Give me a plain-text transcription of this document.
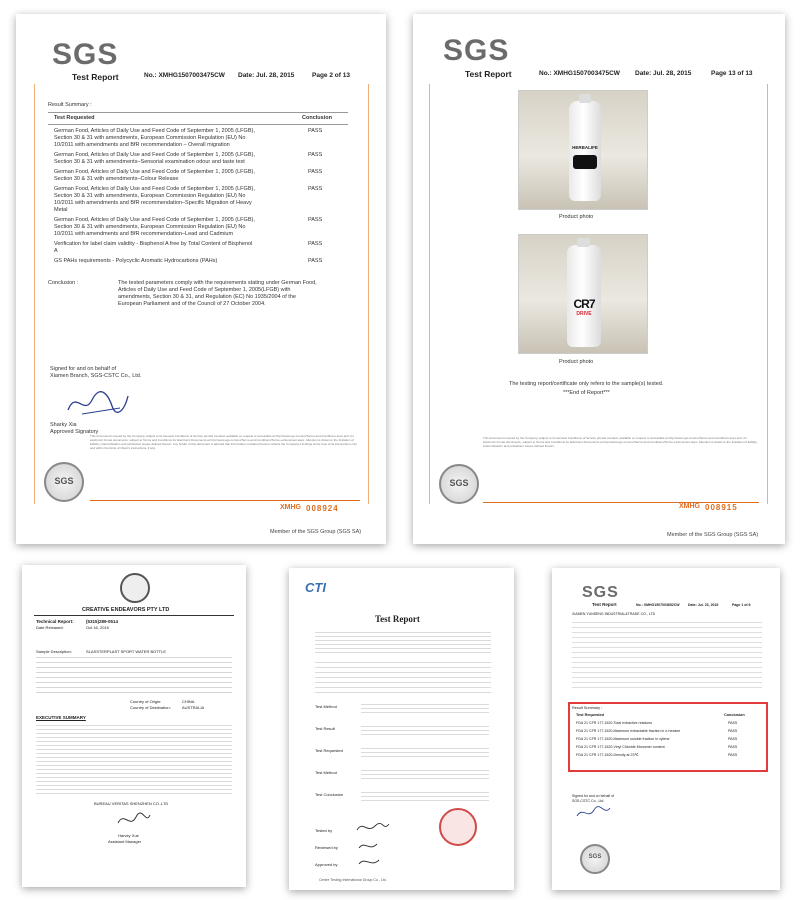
SGS
Test Report	No.: XMHG1507003475CW Date: Jul. 28, 2015	Page 2 of 13
Result Summary :
Test Requested	Conclusion
German Food, Articles of Daily Use and Feed Code of September 1, 2005 (LFGB),
Section 30 & 31 with amendments, European Commission Regulation (EU) No
10/2011 with amendments and BfR recommendation – Overall migration
PASS
German Food, Articles of Daily Use and Feed Code of September 1, 2005 (LFGB),
Section 30 & 31 with amendments–Sensorial examination odour and taste test
PASS
German Food, Articles of Daily Use and Feed Code of September 1, 2005 (LFGB),
Section 30 & 31 with amendments–Colour Release
PASS
German Food, Articles of Daily Use and Feed Code of September 1, 2005 (LFGB),
Section 30 & 31 with amendments, European Commission Regulation (EU) No
10/2011 with amendments and BfR recommendation–Specific Migration of Heavy
Metal
PASS
German Food, Articles of Daily Use and Feed Code of September 1, 2005 (LFGB),
Section 30 & 31 with amendments, European Commission Regulation (EU) No
10/2011 with amendments and BfR recommendation–Lead and Cadmium
PASS
Verification for label claim validity - Bisphenol A free by Total Content of Bisphenol
A
PASS
GS PAHs requirements - Polycyclic Aromatic Hydrocarbons (PAHs)	PASS
Conclusion :	The tested parameters comply with the requirements stating under German Food,
Articles of Daily Use and Feed Code of September 1, 2005(LFGB) with
amendments, Section 30 & 31, and Regulation (EC) No 1935/2004 of the
European Parliament and of the Council of 27 October 2004.
Signed for and on behalf of
Xiamen Branch, SGS-CSTC Co., Ltd.
Sharky Xia
Approved Signatory
This document is issued by the Company subject to its General Conditions of Service printed overleaf, available on request or accessible at http://www.sgs.com/en/Terms-and-Conditions.aspx and, for electronic format documents, subject to Terms and Conditions for Electronic Documents at http://www.sgs.com/en/Terms-and-Conditions/Terms-e-Document.aspx. Attention is drawn to the limitation of liability, indemnification and jurisdiction issues defined therein. Any holder of this document is advised that information contained hereon reflects the Company's findings at the time of its intervention only and within the limits of Client's instructions, if any.
SGS
XMHG 008924
Member of the SGS Group (SGS SA)
SGS
Test Report	No.: XMHG1507003475CW Date: Jul. 28, 2015	Page 13 of 13
HERBALIFE
Product photo
CR7
DRIVE
Product photo
The testing report/certificate only refers to the sample(s) tested.
***End of Report***
This document is issued by the Company subject to its General Conditions of Service printed overleaf, available on request or accessible at http://www.sgs.com/en/Terms-and-Conditions.aspx and, for electronic format documents, subject to Terms and Conditions for Electronic Documents at http://www.sgs.com/en/Terms-and-Conditions/Terms-e-Document.aspx. Attention is drawn to the limitation of liability, indemnification and jurisdiction issues defined therein.
SGS
XMHG 008915
Member of the SGS Group (SGS SA)
CREATIVE ENDEAVORS PTY LTD
Technical Report:	(5315)289-0514
Date Released:	Oct 16, 2015
Sample Description:	SLASSTERPLAST SPORT WATER BOTTLE
Country of Origin:	CHINA
Country of Destination:	AUSTRALIA
EXECUTIVE SUMMARY
BUREAU VERITAS SHENZHEN CO.,LTD
Harvey Xue
Assistant Manager
CTI
Test Report
Test Method
Test Result
Test Requested
Test Method
Test Conclusion
Tested by
Reviewed by
Approved by
Centre Testing International Group Co., Ltd.
SGS
Test Report	No.: XMHG1507003652CW Date: Jul. 23, 2015	Page 1 of 6
XIAMEN YUNSENG INDUSTRIAL&TRADE CO., LTD
Result Summary :
Test Requested	Conclusion
FDA 21 CFR 177.1520-Total extractive residues	PASS
FDA 21 CFR 177.1520-Maximum extractable fraction in n-hexane	PASS
FDA 21 CFR 177.1520-Maximum soluble fraction in xylene	PASS
FDA 21 CFR 177.1520-Vinyl Chloride Monomer content	PASS
FDA 21 CFR 177.1520-Density at 23℃	PASS
Signed for and on behalf of
SGS-CSTC Co., Ltd.
SGS
